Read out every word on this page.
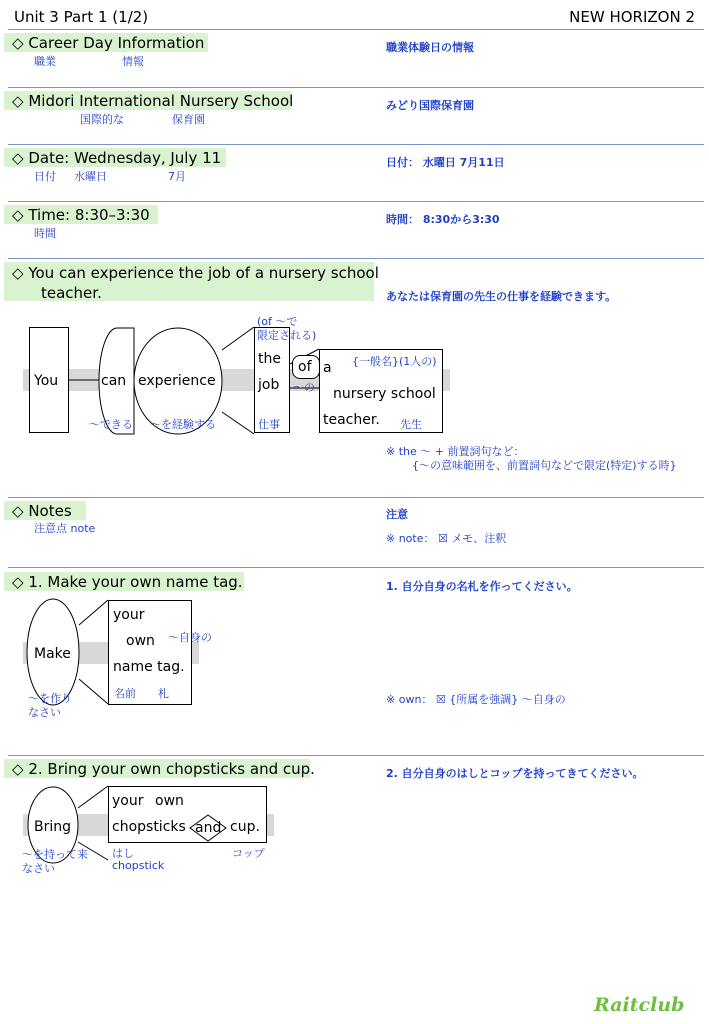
Unit 3 Part 1 (1/2)	NEW HORIZON 2
◇ Career Day Information
職業	情報
職業体験日の情報
◇ Midori International Nursery School
国際的な	保育園
みどり国際保育園
◇ Date: Wednesday, July 11
日付 水曜日	7月
日付： 水曜日 7月11日
◇ Time: 8:30–3:30
時間
時間： 8:30から3:30
◇ You can experience the job of a nursery school
teacher.	あなたは保育園の先生の仕事を経験できます。
You	can experience
the
job
of a
nursery school
teacher.
(of ～で
限定される)
{一般名}(1人の)
～の
～できる ～を経験する	仕事	先生
※ the ～ + 前置詞句など：
{～の意味範囲を、前置詞句などで限定(特定)する時}
◇ Notes
注意点 note
注意
※ note： ☒ メモ、注釈
◇ 1. Make your own name tag.	1. 自分自身の名札を作ってください。
Make
your
own
name tag.
～自身の
名前 札
～を作り
なさい
※ own： ☒ {所属を強調} ～自身の
◇ 2. Bring your own chopsticks and cup.	2. 自分自身のはしとコップを持ってきてください。
Bring
your own
chopsticks and cup.
はし
chopstick
コップ
～を持って来
なさい
Raitclub
